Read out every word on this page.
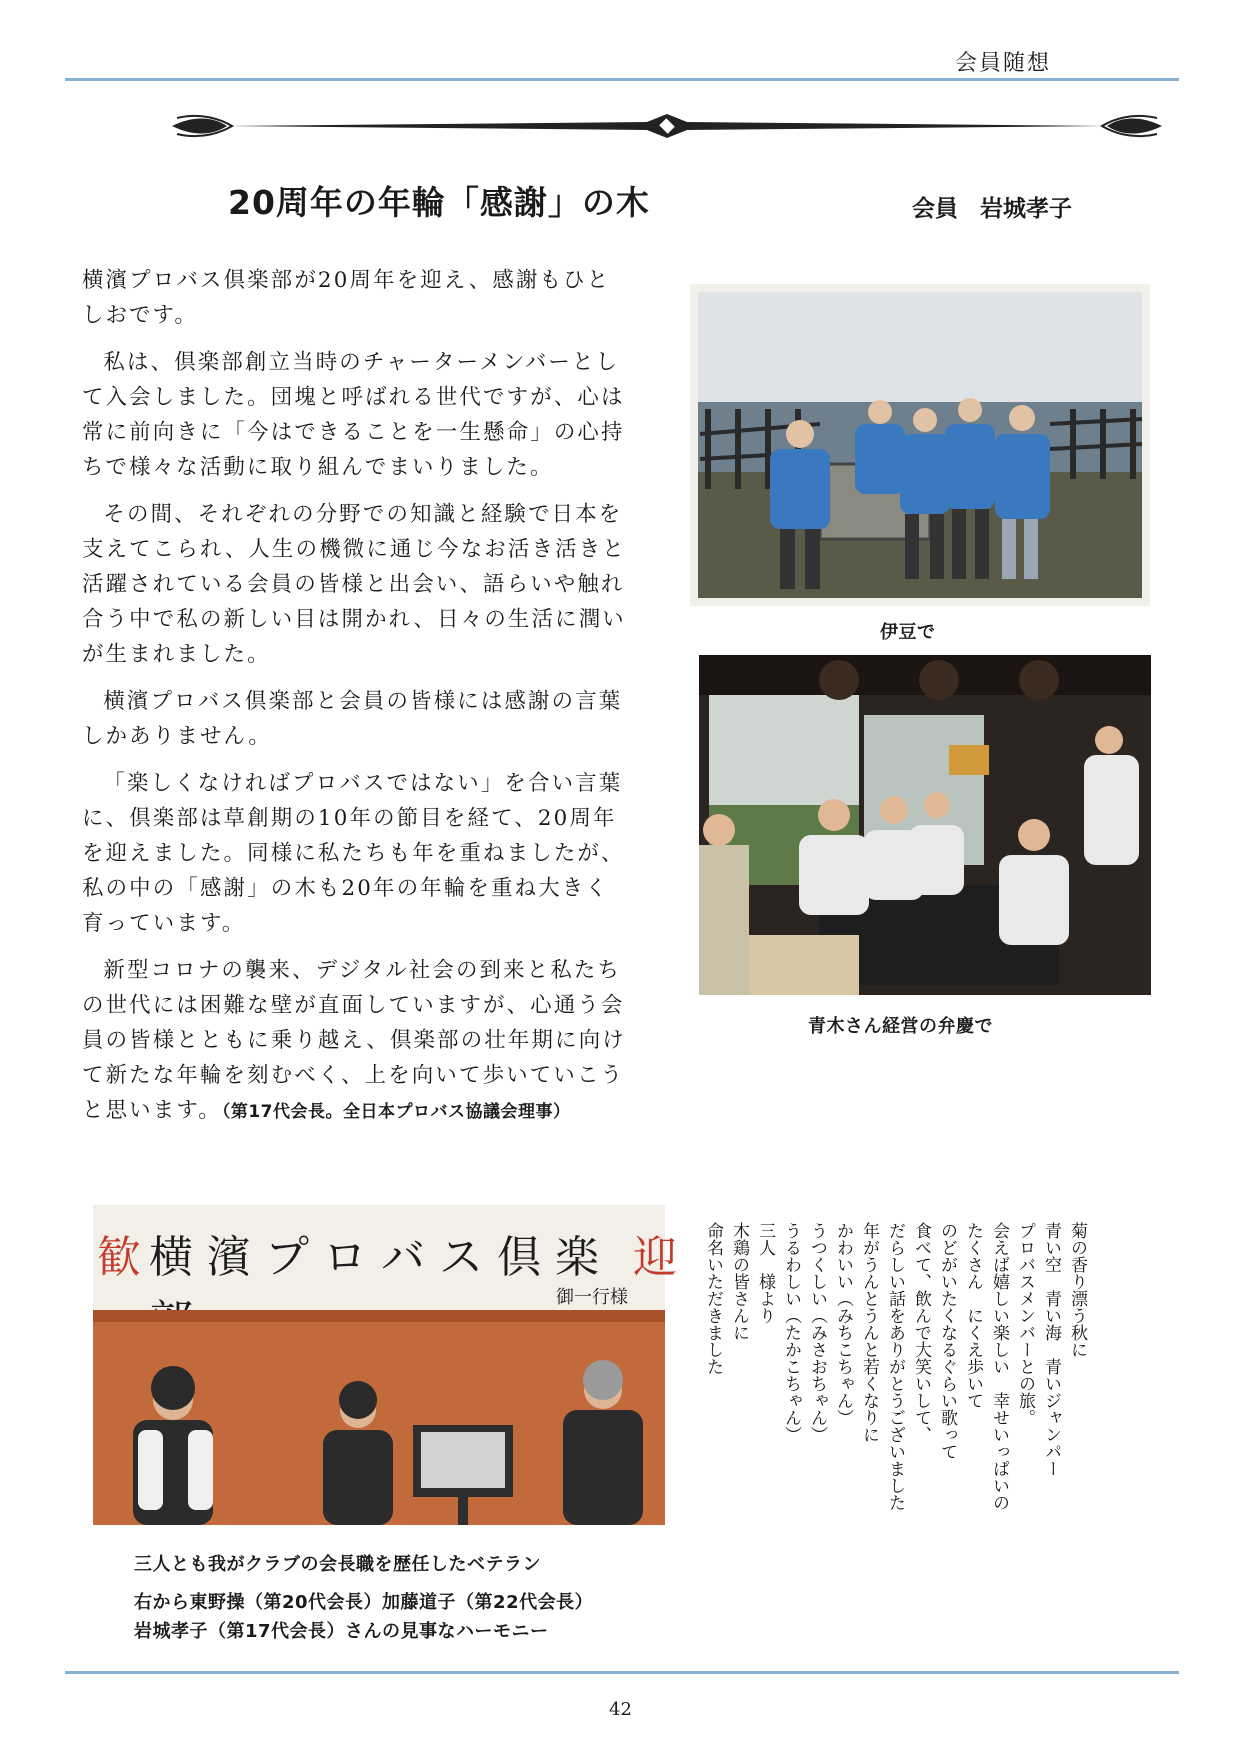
会員随想
20周年の年輪「感謝」の木	会員 岩城孝子

横濱プロバス倶楽部が20周年を迎え、感謝もひとしおです。

私は、倶楽部創立当時のチャーターメンバーとして入会しました。団塊と呼ばれる世代ですが、心は常に前向きに「今はできることを一生懸命」の心持ちで様々な活動に取り組んでまいりました。

その間、それぞれの分野での知識と経験で日本を支えてこられ、人生の機微に通じ今なお活き活きと活躍されている会員の皆様と出会い、語らいや触れ合う中で私の新しい目は開かれ、日々の生活に潤いが生まれました。

横濱プロバス倶楽部と会員の皆様には感謝の言葉しかありません。

「楽しくなければプロバスではない」を合い言葉に、倶楽部は草創期の10年の節目を経て、20周年を迎えました。同様に私たちも年を重ねましたが、私の中の「感謝」の木も20年の年輪を重ね大きく育っています。

新型コロナの襲来、デジタル社会の到来と私たちの世代には困難な壁が直面していますが、心通う会員の皆様とともに乗り越え、倶楽部の壮年期に向けて新たな年輪を刻むべく、上を向いて歩いていこうと思います。（第17代会長。全日本プロバス協議会理事）

伊豆で
青木さん経営の弁慶で
歓 横濱プロバス倶楽 迎
御一行様
三人とも我がクラブの会長職を歴任したベテラン
右から東野操（第20代会長）加藤道子（第22代会長）
岩城孝子（第17代会長）さんの見事なハーモニー
菊の香り漂う秋に
青い空　青い海　青いジャンパー
プロバスメンバーとの旅。
会えば嬉しい楽しい　幸せいっぱいの
たくさん　にくえ歩いて
のどがいたくなるぐらい歌って
食べて、飲んで大笑いして、
だらしい話をありがとうございました
年がうんとうんと若くなりに
かわいい（みちこちゃん）
うつくしい（みさおちゃん）
うるわしい（たかこちゃん）
三人　様より
木鶏の皆さんに
命名いただきました
42
